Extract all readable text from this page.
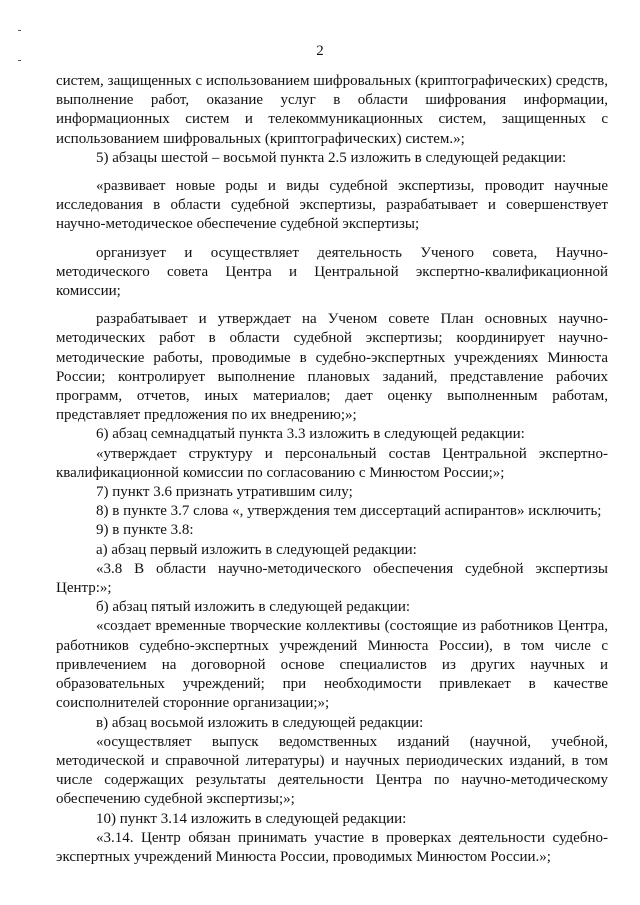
2

систем, защищенных с использованием шифровальных (криптографических) средств, выполнение работ, оказание услуг в области шифрования информации, информационных систем и телекоммуникационных систем, защищенных с использованием шифровальных (криптографических) систем.»;

5) абзацы шестой – восьмой пункта 2.5 изложить в следующей редакции:

«развивает новые роды и виды судебной экспертизы, проводит научные исследования в области судебной экспертизы, разрабатывает и совершенствует научно-методическое обеспечение судебной экспертизы;

организует и осуществляет деятельность Ученого совета, Научно-методического совета Центра и Центральной экспертно-квалификационной комиссии;

разрабатывает и утверждает на Ученом совете План основных научно-методических работ в области судебной экспертизы; координирует научно-методические работы, проводимые в судебно-экспертных учреждениях Минюста России; контролирует выполнение плановых заданий, представление рабочих программ, отчетов, иных материалов; дает оценку выполненным работам, представляет предложения по их внедрению;»;

6) абзац семнадцатый пункта 3.3 изложить в следующей редакции:

«утверждает структуру и персональный состав Центральной экспертно-квалификационной комиссии по согласованию с Минюстом России;»;

7) пункт 3.6 признать утратившим силу;

8) в пункте 3.7 слова «, утверждения тем диссертаций аспирантов» исключить;

9) в пункте 3.8:

а) абзац первый изложить в следующей редакции:

«3.8 В области научно-методического обеспечения судебной экспертизы Центр:»;

б) абзац пятый изложить в следующей редакции:

«создает временные творческие коллективы (состоящие из работников Центра, работников судебно-экспертных учреждений Минюста России), в том числе с привлечением на договорной основе специалистов из других научных и образовательных учреждений; при необходимости привлекает в качестве соисполнителей сторонние организации;»;

в) абзац восьмой изложить в следующей редакции:

«осуществляет выпуск ведомственных изданий (научной, учебной, методической и справочной литературы) и научных периодических изданий, в том числе содержащих результаты деятельности Центра по научно-методическому обеспечению судебной экспертизы;»;

10) пункт 3.14 изложить в следующей редакции:

«3.14. Центр обязан принимать участие в проверках деятельности судебно-экспертных учреждений Минюста России, проводимых Минюстом России.»;
